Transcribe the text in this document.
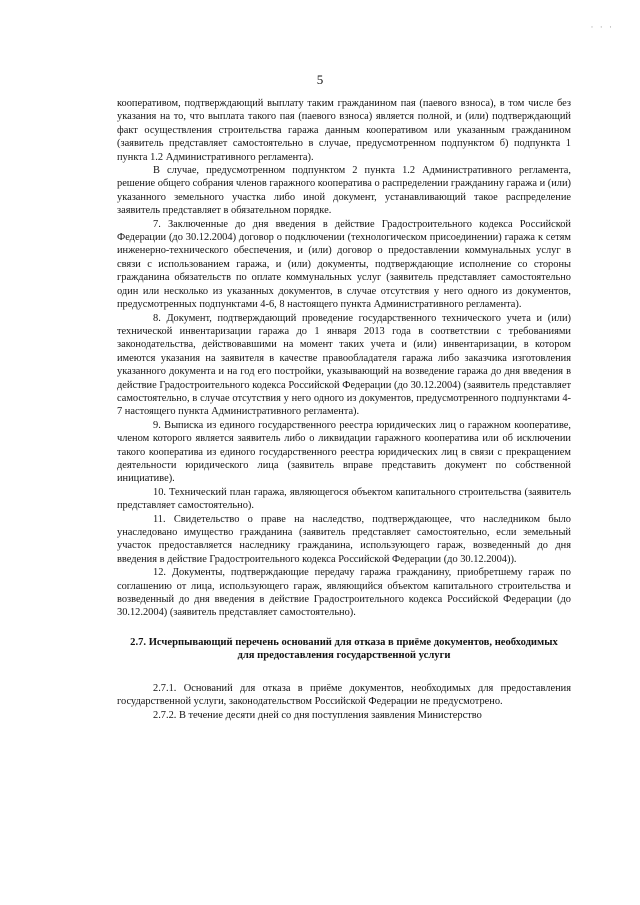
· · ·
5

кооперативом, подтверждающий выплату таким гражданином пая (паевого взноса), в том числе без указания на то, что выплата такого пая (паевого взноса) является полной, и (или) подтверждающий факт осуществления строительства гаража данным кооперативом или указанным гражданином (заявитель представляет самостоятельно в случае, предусмотренном подпунктом б) подпункта 1 пункта 1.2 Административного регламента).

В случае, предусмотренном подпунктом 2 пункта 1.2 Административного регламента, решение общего собрания членов гаражного кооператива о распределении гражданину гаража и (или) указанного земельного участка либо иной документ, устанавливающий такое распределение заявитель представляет в обязательном порядке.

7. Заключенные до дня введения в действие Градостроительного кодекса Российской Федерации (до 30.12.2004) договор о подключении (технологическом присоединении) гаража к сетям инженерно-технического обеспечения, и (или) договор о предоставлении коммунальных услуг в связи с использованием гаража, и (или) документы, подтверждающие исполнение со стороны гражданина обязательств по оплате коммунальных услуг (заявитель представляет самостоятельно один или несколько из указанных документов, в случае отсутствия у него одного из документов, предусмотренных подпунктами 4-6, 8 настоящего пункта Административного регламента).

8. Документ, подтверждающий проведение государственного технического учета и (или) технической инвентаризации гаража до 1 января 2013 года в соответствии с требованиями законодательства, действовавшими на момент таких учета и (или) инвентаризации, в котором имеются указания на заявителя в качестве правообладателя гаража либо заказчика изготовления указанного документа и на год его постройки, указывающий на возведение гаража до дня введения в действие Градостроительного кодекса Российской Федерации (до 30.12.2004) (заявитель представляет самостоятельно, в случае отсутствия у него одного из документов, предусмотренного подпунктами 4-7 настоящего пункта Административного регламента).

9. Выписка из единого государственного реестра юридических лиц о гаражном кооперативе, членом которого является заявитель либо о ликвидации гаражного кооператива или об исключении такого кооператива из единого государственного реестра юридических лиц в связи с прекращением деятельности юридического лица (заявитель вправе представить документ по собственной инициативе).

10. Технический план гаража, являющегося объектом капитального строительства (заявитель представляет самостоятельно).

11. Свидетельство о праве на наследство, подтверждающее, что наследником было унаследовано имущество гражданина (заявитель представляет самостоятельно, если земельный участок предоставляется наследнику гражданина, использующего гараж, возведенный до дня введения в действие Градостроительного кодекса Российской Федерации (до 30.12.2004)).

12. Документы, подтверждающие передачу гаража гражданину, приобретшему гараж по соглашению от лица, использующего гараж, являющийся объектом капитального строительства и возведенный до дня введения в действие Градостроительного кодекса Российской Федерации (до 30.12.2004) (заявитель представляет самостоятельно).

2.7. Исчерпывающий перечень оснований для отказа в приёме документов, необходимых для предоставления государственной услуги

2.7.1. Оснований для отказа в приёме документов, необходимых для предоставления государственной услуги, законодательством Российской Федерации не предусмотрено.

2.7.2. В течение десяти дней со дня поступления заявления Министерство
